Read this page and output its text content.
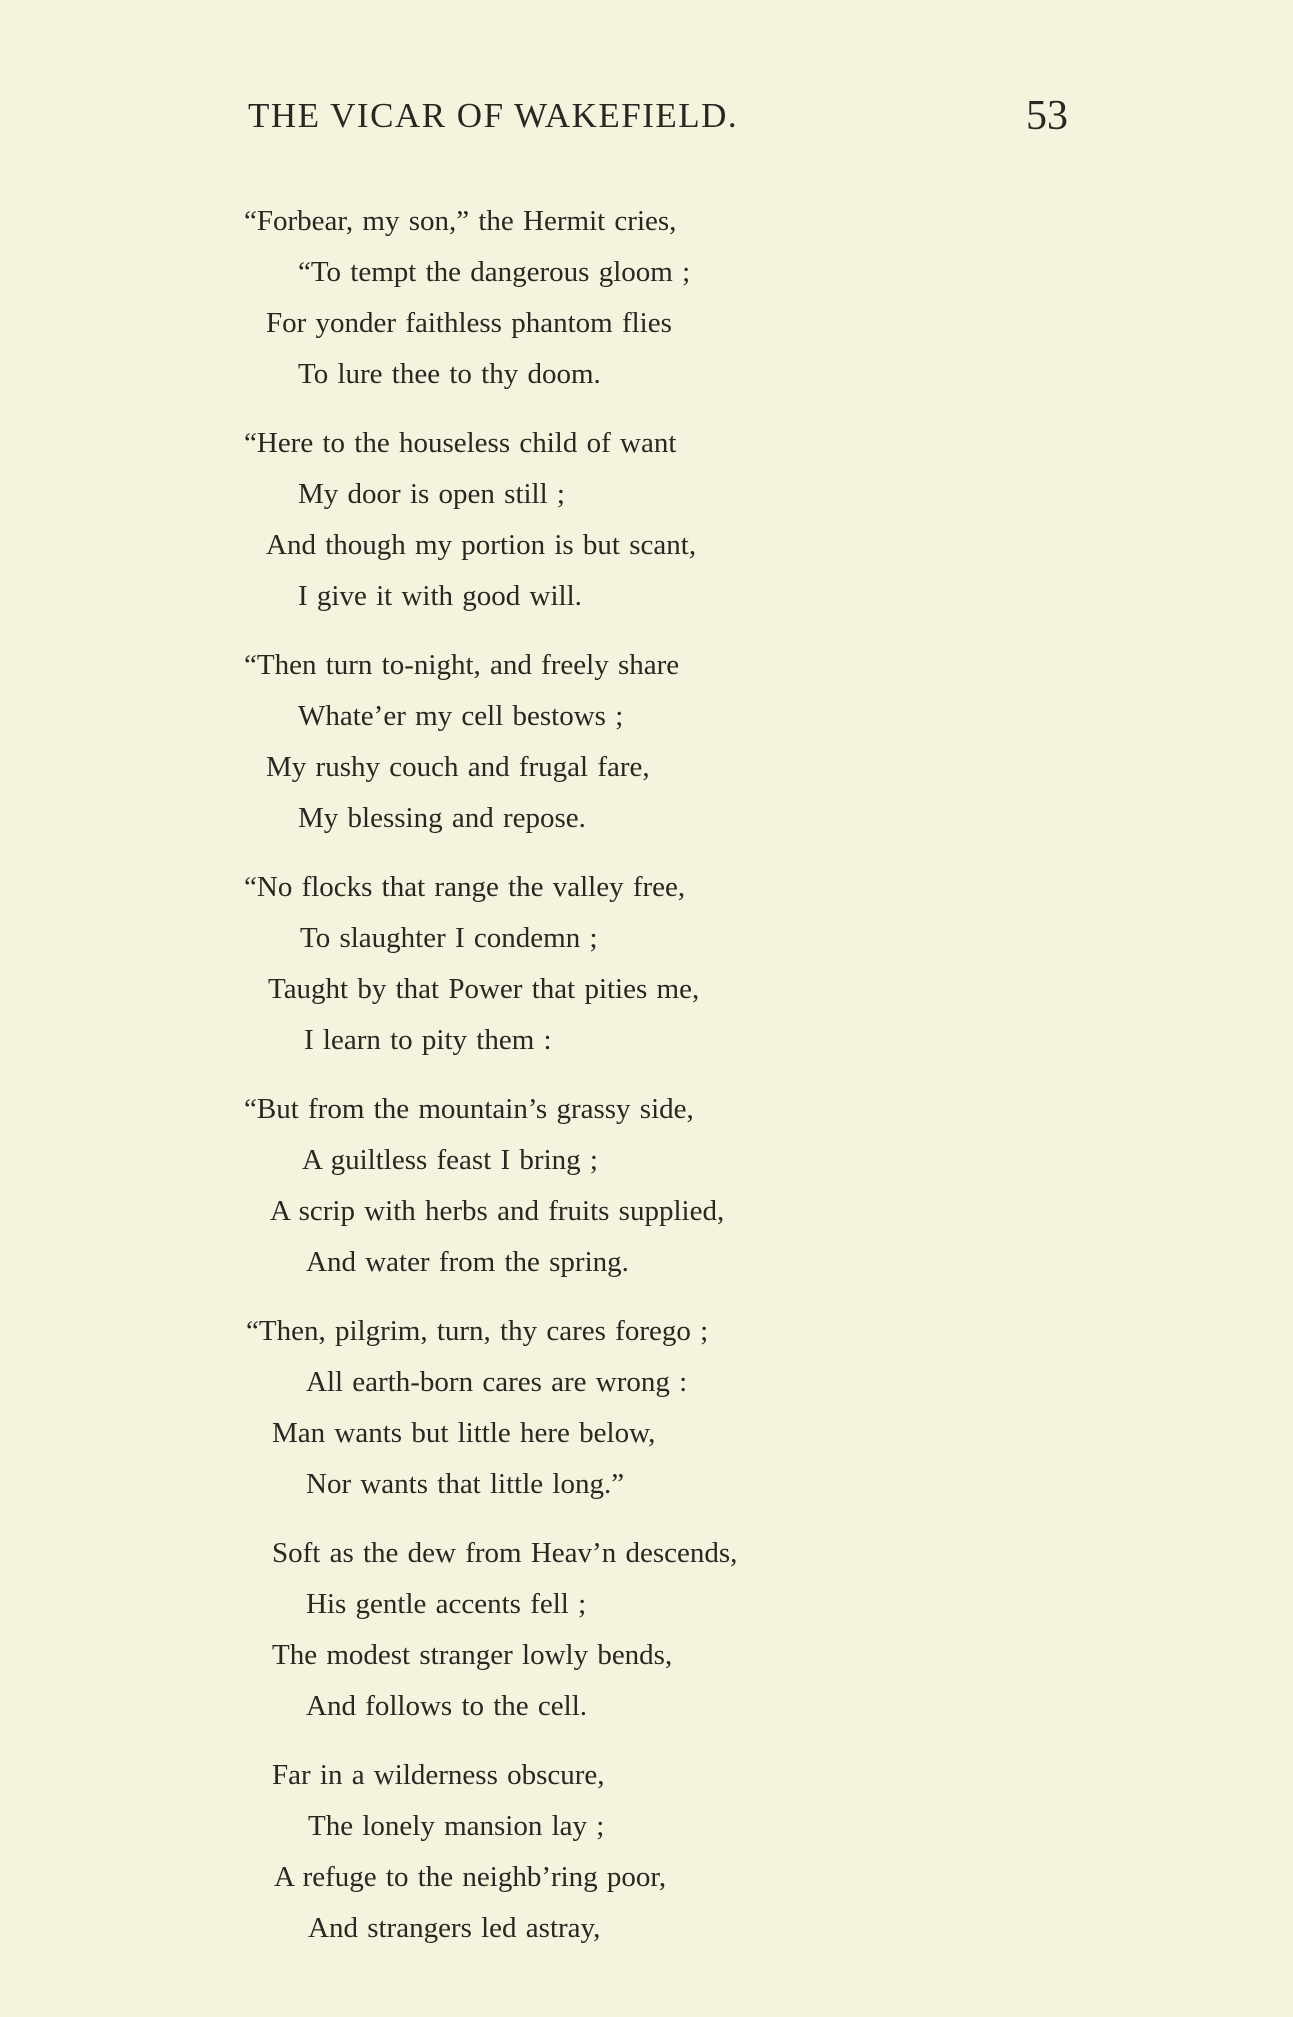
THE VICAR OF WAKEFIELD.	53
“Forbear, my son,” the Hermit cries,
“To tempt the dangerous gloom ;
For yonder faithless phantom flies
To lure thee to thy doom.
“Here to the houseless child of want
My door is open still ;
And though my portion is but scant,
I give it with good will.
“Then turn to-night, and freely share
Whate’er my cell bestows ;
My rushy couch and frugal fare,
My blessing and repose.
“No flocks that range the valley free,
To slaughter I condemn ;
Taught by that Power that pities me,
I learn to pity them :
“But from the mountain’s grassy side,
A guiltless feast I bring ;
A scrip with herbs and fruits supplied,
And water from the spring.
“Then, pilgrim, turn, thy cares forego ;
All earth-born cares are wrong :
Man wants but little here below,
Nor wants that little long.”
Soft as the dew from Heav’n descends,
His gentle accents fell ;
The modest stranger lowly bends,
And follows to the cell.
Far in a wilderness obscure,
The lonely mansion lay ;
A refuge to the neighb’ring poor,
And strangers led astray,
